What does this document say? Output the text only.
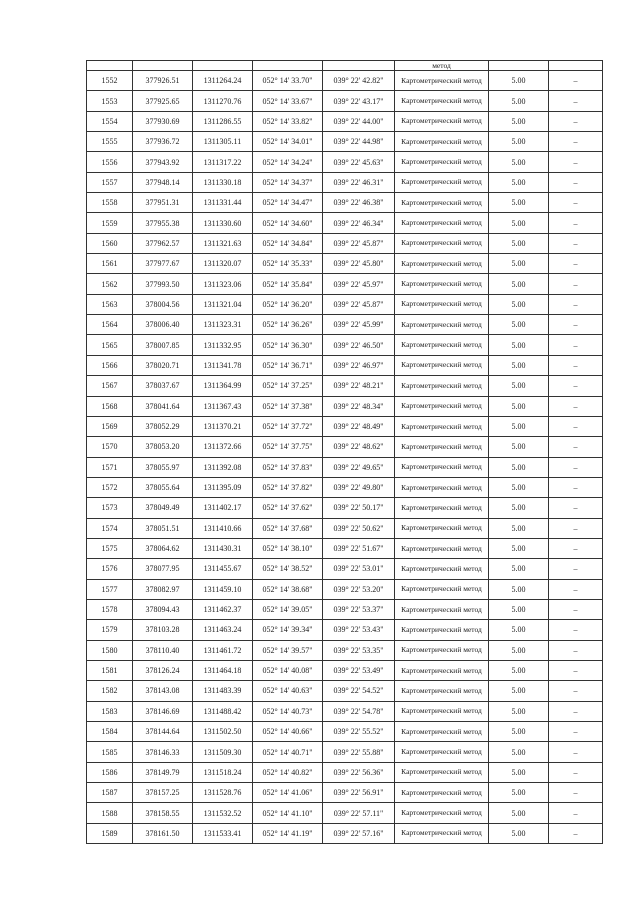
					метод		
1552	377926.51	1311264.24	052° 14' 33.70"	039° 22' 42.82"	Картометрический метод	5.00	–
1553	377925.65	1311270.76	052° 14' 33.67"	039° 22' 43.17"	Картометрический метод	5.00	–
1554	377930.69	1311286.55	052° 14' 33.82"	039° 22' 44.00"	Картометрический метод	5.00	–
1555	377936.72	1311305.11	052° 14' 34.01"	039° 22' 44.98"	Картометрический метод	5.00	–
1556	377943.92	1311317.22	052° 14' 34.24"	039° 22' 45.63"	Картометрический метод	5.00	–
1557	377948.14	1311330.18	052° 14' 34.37"	039° 22' 46.31"	Картометрический метод	5.00	–
1558	377951.31	1311331.44	052° 14' 34.47"	039° 22' 46.38"	Картометрический метод	5.00	–
1559	377955.38	1311330.60	052° 14' 34.60"	039° 22' 46.34"	Картометрический метод	5.00	–
1560	377962.57	1311321.63	052° 14' 34.84"	039° 22' 45.87"	Картометрический метод	5.00	–
1561	377977.67	1311320.07	052° 14' 35.33"	039° 22' 45.80"	Картометрический метод	5.00	–
1562	377993.50	1311323.06	052° 14' 35.84"	039° 22' 45.97"	Картометрический метод	5.00	–
1563	378004.56	1311321.04	052° 14' 36.20"	039° 22' 45.87"	Картометрический метод	5.00	–
1564	378006.40	1311323.31	052° 14' 36.26"	039° 22' 45.99"	Картометрический метод	5.00	–
1565	378007.85	1311332.95	052° 14' 36.30"	039° 22' 46.50"	Картометрический метод	5.00	–
1566	378020.71	1311341.78	052° 14' 36.71"	039° 22' 46.97"	Картометрический метод	5.00	–
1567	378037.67	1311364.99	052° 14' 37.25"	039° 22' 48.21"	Картометрический метод	5.00	–
1568	378041.64	1311367.43	052° 14' 37.38"	039° 22' 48.34"	Картометрический метод	5.00	–
1569	378052.29	1311370.21	052° 14' 37.72"	039° 22' 48.49"	Картометрический метод	5.00	–
1570	378053.20	1311372.66	052° 14' 37.75"	039° 22' 48.62"	Картометрический метод	5.00	–
1571	378055.97	1311392.08	052° 14' 37.83"	039° 22' 49.65"	Картометрический метод	5.00	–
1572	378055.64	1311395.09	052° 14' 37.82"	039° 22' 49.80"	Картометрический метод	5.00	–
1573	378049.49	1311402.17	052° 14' 37.62"	039° 22' 50.17"	Картометрический метод	5.00	–
1574	378051.51	1311410.66	052° 14' 37.68"	039° 22' 50.62"	Картометрический метод	5.00	–
1575	378064.62	1311430.31	052° 14' 38.10"	039° 22' 51.67"	Картометрический метод	5.00	–
1576	378077.95	1311455.67	052° 14' 38.52"	039° 22' 53.01"	Картометрический метод	5.00	–
1577	378082.97	1311459.10	052° 14' 38.68"	039° 22' 53.20"	Картометрический метод	5.00	–
1578	378094.43	1311462.37	052° 14' 39.05"	039° 22' 53.37"	Картометрический метод	5.00	–
1579	378103.28	1311463.24	052° 14' 39.34"	039° 22' 53.43"	Картометрический метод	5.00	–
1580	378110.40	1311461.72	052° 14' 39.57"	039° 22' 53.35"	Картометрический метод	5.00	–
1581	378126.24	1311464.18	052° 14' 40.08"	039° 22' 53.49"	Картометрический метод	5.00	–
1582	378143.08	1311483.39	052° 14' 40.63"	039° 22' 54.52"	Картометрический метод	5.00	–
1583	378146.69	1311488.42	052° 14' 40.73"	039° 22' 54.78"	Картометрический метод	5.00	–
1584	378144.64	1311502.50	052° 14' 40.66"	039° 22' 55.52"	Картометрический метод	5.00	–
1585	378146.33	1311509.30	052° 14' 40.71"	039° 22' 55.88"	Картометрический метод	5.00	–
1586	378149.79	1311518.24	052° 14' 40.82"	039° 22' 56.36"	Картометрический метод	5.00	–
1587	378157.25	1311528.76	052° 14' 41.06"	039° 22' 56.91"	Картометрический метод	5.00	–
1588	378158.55	1311532.52	052° 14' 41.10"	039° 22' 57.11"	Картометрический метод	5.00	–
1589	378161.50	1311533.41	052° 14' 41.19"	039° 22' 57.16"	Картометрический метод	5.00	–
